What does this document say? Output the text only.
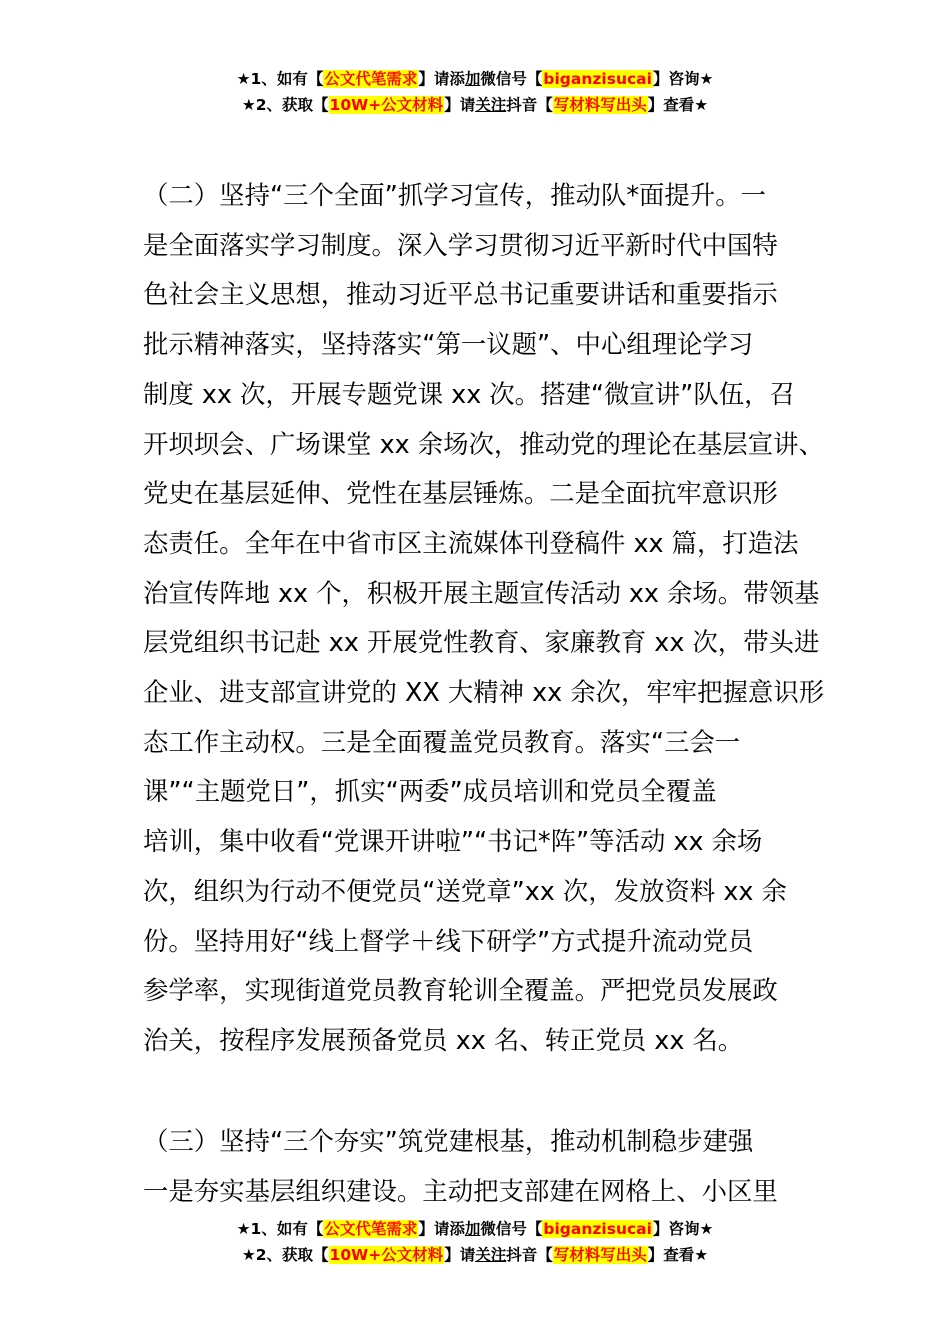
★1、如有【公文代笔需求】请添加微信号【biganzisucai】咨询★
★2、获取【10W+公文材料】请关注抖音【写材料写出头】查看★
（二）坚持“三个全面”抓学习宣传，推动队*面提升。一
是全面落实学习制度。深入学习贯彻习近平新时代中国特
色社会主义思想，推动习近平总书记重要讲话和重要指示
批示精神落实，坚持落实“第一议题”、中心组理论学习
制度 xx 次，开展专题党课 xx 次。搭建“微宣讲”队伍，召
开坝坝会、广场课堂 xx 余场次，推动党的理论在基层宣讲、
党史在基层延伸、党性在基层锤炼。二是全面抗牢意识形
态责任。全年在中省市区主流媒体刊登稿件 xx 篇，打造法
治宣传阵地 xx 个，积极开展主题宣传活动 xx 余场。带领基
层党组织书记赴 xx 开展党性教育、家廉教育 xx 次，带头进
企业、进支部宣讲党的 XX 大精神 xx 余次，牢牢把握意识形
态工作主动权。三是全面覆盖党员教育。落实“三会一
课”“主题党日”，抓实“两委”成员培训和党员全覆盖
培训，集中收看“党课开讲啦”“书记*阵”等活动 xx 余场
次，组织为行动不便党员“送党章”xx 次，发放资料 xx 余
份。坚持用好“线上督学＋线下研学”方式提升流动党员
参学率，实现街道党员教育轮训全覆盖。严把党员发展政
治关，按程序发展预备党员 xx 名、转正党员 xx 名。
（三）坚持“三个夯实”筑党建根基，推动机制稳步建强
一是夯实基层组织建设。主动把支部建在网格上、小区里
★1、如有【公文代笔需求】请添加微信号【biganzisucai】咨询★
★2、获取【10W+公文材料】请关注抖音【写材料写出头】查看★
